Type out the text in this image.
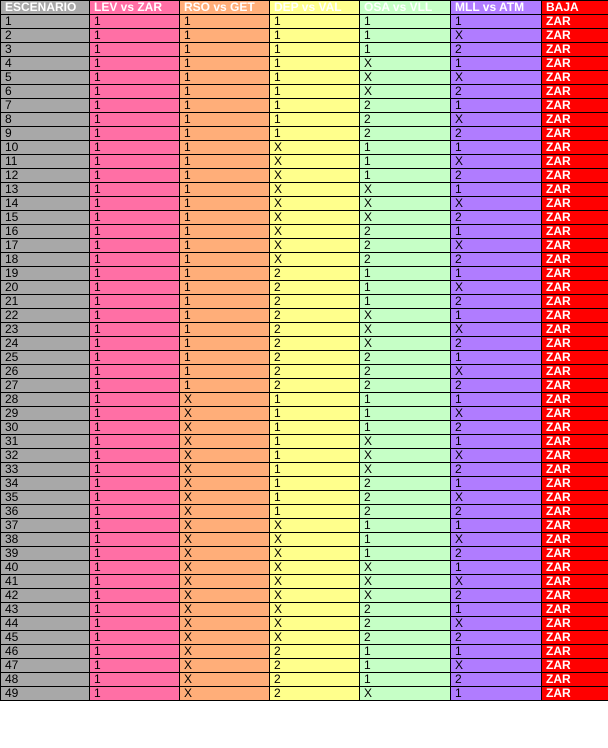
ESCENARIO	LEV vs ZAR	RSO vs GET	DEP vs VAL	OSA vs VLL	MLL vs ATM	BAJA
1	1	1	1	1	1	ZAR
2	1	1	1	1	X	ZAR
3	1	1	1	1	2	ZAR
4	1	1	1	X	1	ZAR
5	1	1	1	X	X	ZAR
6	1	1	1	X	2	ZAR
7	1	1	1	2	1	ZAR
8	1	1	1	2	X	ZAR
9	1	1	1	2	2	ZAR
10	1	1	X	1	1	ZAR
11	1	1	X	1	X	ZAR
12	1	1	X	1	2	ZAR
13	1	1	X	X	1	ZAR
14	1	1	X	X	X	ZAR
15	1	1	X	X	2	ZAR
16	1	1	X	2	1	ZAR
17	1	1	X	2	X	ZAR
18	1	1	X	2	2	ZAR
19	1	1	2	1	1	ZAR
20	1	1	2	1	X	ZAR
21	1	1	2	1	2	ZAR
22	1	1	2	X	1	ZAR
23	1	1	2	X	X	ZAR
24	1	1	2	X	2	ZAR
25	1	1	2	2	1	ZAR
26	1	1	2	2	X	ZAR
27	1	1	2	2	2	ZAR
28	1	X	1	1	1	ZAR
29	1	X	1	1	X	ZAR
30	1	X	1	1	2	ZAR
31	1	X	1	X	1	ZAR
32	1	X	1	X	X	ZAR
33	1	X	1	X	2	ZAR
34	1	X	1	2	1	ZAR
35	1	X	1	2	X	ZAR
36	1	X	1	2	2	ZAR
37	1	X	X	1	1	ZAR
38	1	X	X	1	X	ZAR
39	1	X	X	1	2	ZAR
40	1	X	X	X	1	ZAR
41	1	X	X	X	X	ZAR
42	1	X	X	X	2	ZAR
43	1	X	X	2	1	ZAR
44	1	X	X	2	X	ZAR
45	1	X	X	2	2	ZAR
46	1	X	2	1	1	ZAR
47	1	X	2	1	X	ZAR
48	1	X	2	1	2	ZAR
49	1	X	2	X	1	ZAR
